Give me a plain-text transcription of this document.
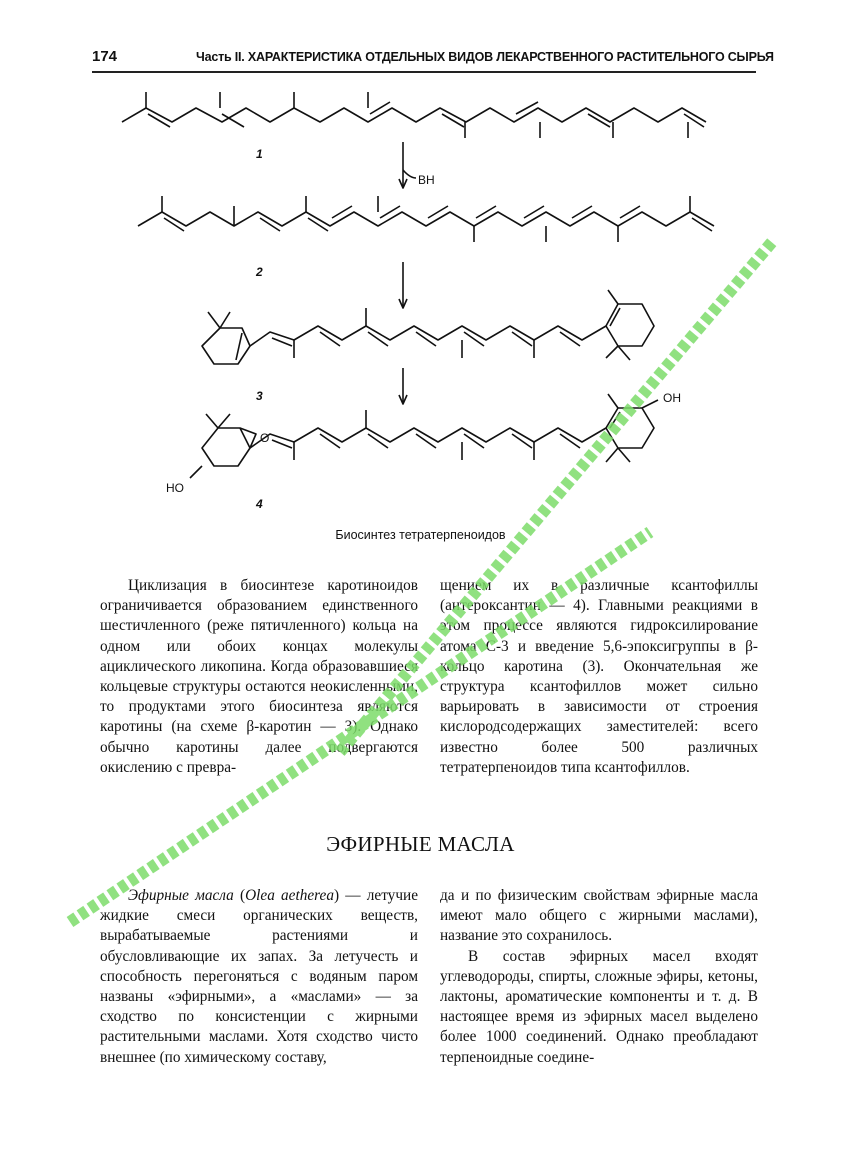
174	Часть II. ХАРАКТЕРИСТИКА ОТДЕЛЬНЫХ ВИДОВ ЛЕКАРСТВЕННОГО РАСТИТЕЛЬНОГО СЫРЬЯ
1
BH
2
3
O
OH
HO
4
Биосинтез тетратерпеноидов

Циклизация в биосинтезе каротиноидов ограничивается образованием единственного шестичленного (реже пятичленного) кольца на одном или обоих концах молекулы ациклического ликопина. Когда образовавшиеся кольцевые структуры остаются неокисленными, то продуктами этого биосинтеза являются каротины (на схеме β-каротин — 3). Однако обычно каротины далее подвергаются окислению с превра-

щением их в различные ксантофиллы (антероксантин — 4). Главными реакциями в этом процессе являются гидроксилирование атома С-3 и введение 5,6-эпоксигруппы в β-кольцо каротина (3). Окончательная же структура ксантофиллов может сильно варьировать в зависимости от строения кислородсодержащих заместителей: всего известно более 500 различных тетратерпеноидов типа ксантофиллов.

ЭФИРНЫЕ МАСЛА

Эфирные масла (Olea aetherea) — летучие жидкие смеси органических веществ, вырабатываемые растениями и обусловливающие их запах. За летучесть и способность перегоняться с водяным паром названы «эфирными», а «маслами» — за сходство по консистенции с жирными растительными маслами. Хотя сходство чисто внешнее (по химическому составу,

да и по физическим свойствам эфирные масла имеют мало общего с жирными маслами), название это сохранилось.

В состав эфирных масел входят углеводороды, спирты, сложные эфиры, кетоны, лактоны, ароматические компоненты и т. д. В настоящее время из эфирных масел выделено более 1000 соединений. Однако преобладают терпеноидные соедине-
